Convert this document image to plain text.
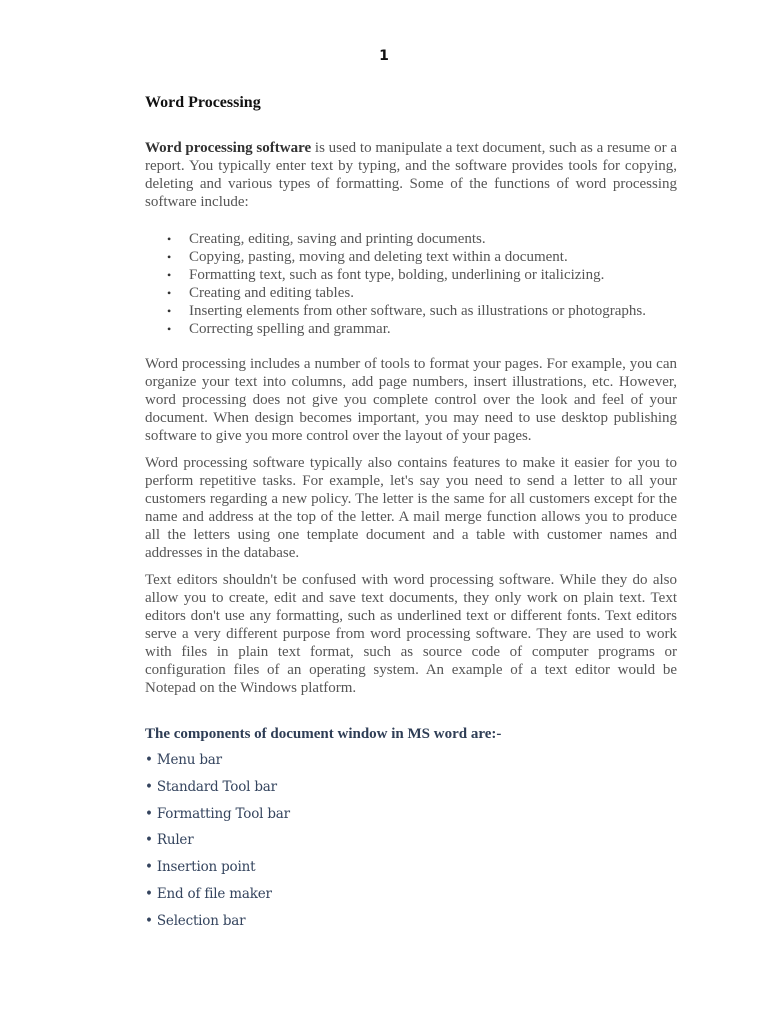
1
Word Processing

Word processing software is used to manipulate a text document, such as a resume or a report. You typically enter text by typing, and the software provides tools for copying, deleting and various types of formatting. Some of the functions of word processing software include:

• Creating, editing, saving and printing documents.
• Copying, pasting, moving and deleting text within a document.
• Formatting text, such as font type, bolding, underlining or italicizing.
• Creating and editing tables.
• Inserting elements from other software, such as illustrations or photographs.
• Correcting spelling and grammar.

Word processing includes a number of tools to format your pages. For example, you can organize your text into columns, add page numbers, insert illustrations, etc. However, word processing does not give you complete control over the look and feel of your document. When design becomes important, you may need to use desktop publishing software to give you more control over the layout of your pages.

Word processing software typically also contains features to make it easier for you to perform repetitive tasks. For example, let's say you need to send a letter to all your customers regarding a new policy. The letter is the same for all customers except for the name and address at the top of the letter. A mail merge function allows you to produce all the letters using one template document and a table with customer names and addresses in the database.

Text editors shouldn't be confused with word processing software. While they do also allow you to create, edit and save text documents, they only work on plain text. Text editors don't use any formatting, such as underlined text or different fonts. Text editors serve a very different purpose from word processing software. They are used to work with files in plain text format, such as source code of computer programs or configuration files of an operating system. An example of a text editor would be Notepad on the Windows platform.

The components of document window in MS word are:-
• Menu bar
• Standard Tool bar
• Formatting Tool bar
• Ruler
• Insertion point
• End of file maker
• Selection bar
